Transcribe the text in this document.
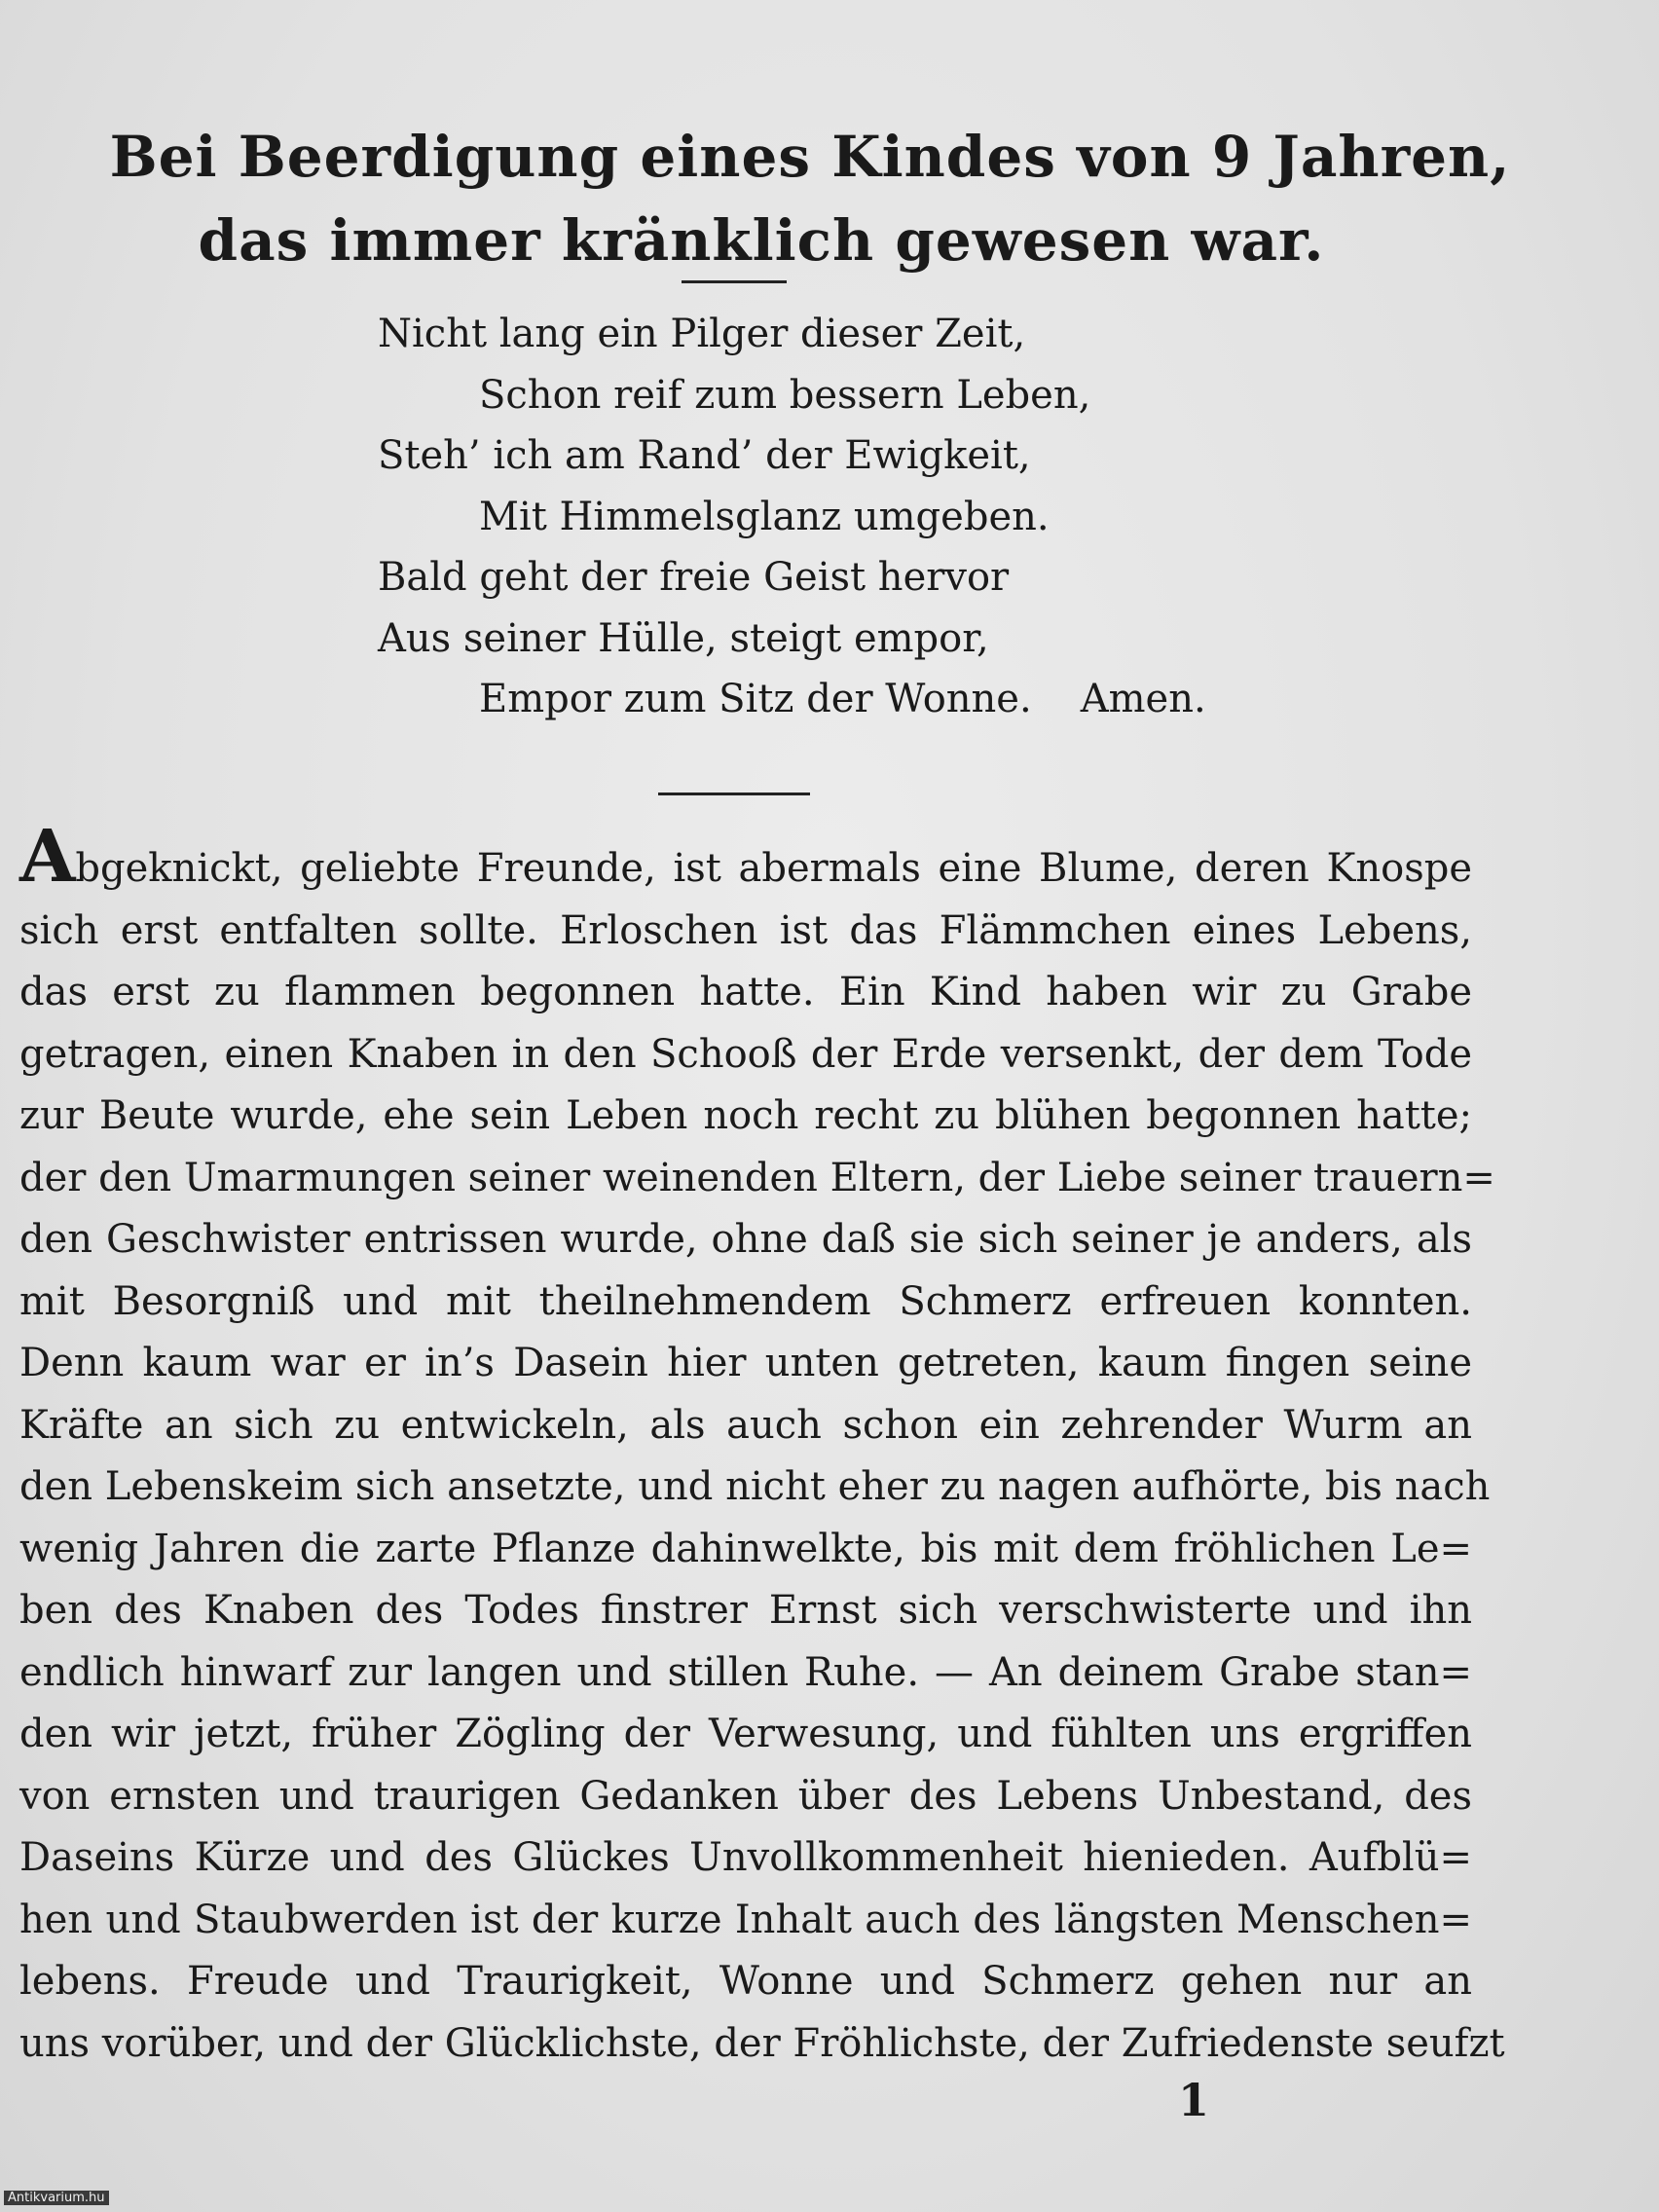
Bei Beerdigung eines Kindes von 9 Jahren,
das immer kränklich gewesen war.
Nicht lang ein Pilger dieser Zeit,
Schon reif zum bessern Leben,
Steh’ ich am Rand’ der Ewigkeit,
Mit Himmelsglanz umgeben.
Bald geht der freie Geist hervor
Aus seiner Hülle, steigt empor,
Empor zum Sitz der Wonne. Amen.
Abgeknickt, geliebte Freunde, ist abermals eine Blume, deren Knospe
sich erst entfalten sollte. Erloschen ist das Flämmchen eines Lebens,
das erst zu flammen begonnen hatte. Ein Kind haben wir zu Grabe
getragen, einen Knaben in den Schooß der Erde versenkt, der dem Tode
zur Beute wurde, ehe sein Leben noch recht zu blühen begonnen hatte;
der den Umarmungen seiner weinenden Eltern, der Liebe seiner trauern=
den Geschwister entrissen wurde, ohne daß sie sich seiner je anders, als
mit Besorgniß und mit theilnehmendem Schmerz erfreuen konnten.
Denn kaum war er in’s Dasein hier unten getreten, kaum fingen seine
Kräfte an sich zu entwickeln, als auch schon ein zehrender Wurm an
den Lebenskeim sich ansetzte, und nicht eher zu nagen aufhörte, bis nach
wenig Jahren die zarte Pflanze dahinwelkte, bis mit dem fröhlichen Le=
ben des Knaben des Todes finstrer Ernst sich verschwisterte und ihn
endlich hinwarf zur langen und stillen Ruhe. — An deinem Grabe stan=
den wir jetzt, früher Zögling der Verwesung, und fühlten uns ergriffen
von ernsten und traurigen Gedanken über des Lebens Unbestand, des
Daseins Kürze und des Glückes Unvollkommenheit hienieden. Aufblü=
hen und Staubwerden ist der kurze Inhalt auch des längsten Menschen=
lebens. Freude und Traurigkeit, Wonne und Schmerz gehen nur an
uns vorüber, und der Glücklichste, der Fröhlichste, der Zufriedenste seufzt
1
Antikvarium.hu
